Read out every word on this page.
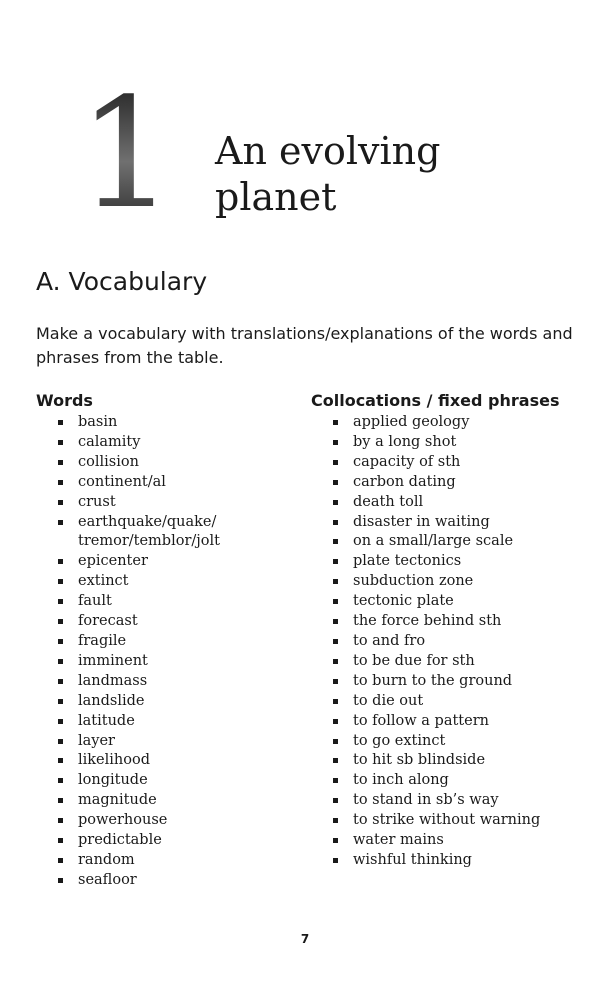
1 An evolving
planet
A. Vocabulary
Make a vocabulary with translations/explanations of the words and phrases from the table.
Words
basin
calamity
collision
continent/al
crust
earthquake/quake/
tremor/temblor/jolt
epicenter
extinct
fault
forecast
fragile
imminent
landmass
landslide
latitude
layer
likelihood
longitude
magnitude
powerhouse
predictable
random
seafloor
Collocations / fixed phrases
applied geology
by a long shot
capacity of sth
carbon dating
death toll
disaster in waiting
on a small/large scale
plate tectonics
subduction zone
tectonic plate
the force behind sth
to and fro
to be due for sth
to burn to the ground
to die out
to follow a pattern
to go extinct
to hit sb blindside
to inch along
to stand in sb’s way
to strike without warning
water mains
wishful thinking
7
